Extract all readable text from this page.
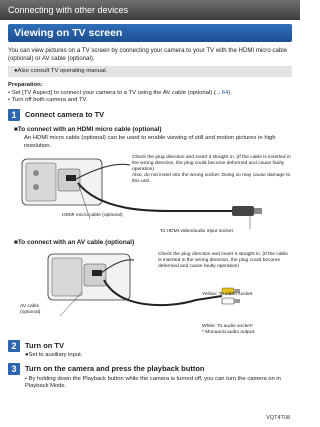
Connecting with other devices
Viewing on TV screen
You can view pictures on a TV screen by connecting your camera to your TV with the HDMI micro cable (optional) or AV cable (optional).
●Also consult TV operating manual.
Preparation:
• Set [TV Aspect] to connect your camera to a TV using the AV cable (optional) (→64).
• Turn off both camera and TV.
1	Connect camera to TV
■To connect with an HDMI micro cable (optional)
An HDMI micro cable (optional) can be used to enable viewing of still and motion pictures in high resolution.
Check the plug direction and insert it straight in. (If the cable is inserted in the wrong direction, the plug could become deformed and cause faulty operation)
Also, do not insert into the wrong socket. Doing so may cause damage to this unit.
HDMI micro cable (optional)
To HDMI video/audio input socket
■To connect with an AV cable (optional)
Check the plug direction and insert it straight in. (If the cable is inserted in the wrong direction, the plug could become deformed and cause faulty operation)
AV cable (optional)
Yellow: To video socket
White: To audio socket*
* Monaural audio output.
2	Turn on TV
●Set to auxiliary input.
3	Turn on the camera and press the playback button
• By holding down the Playback button while the camera is turned off, you can turn the camera on in Playback Mode.
VQT4T08
